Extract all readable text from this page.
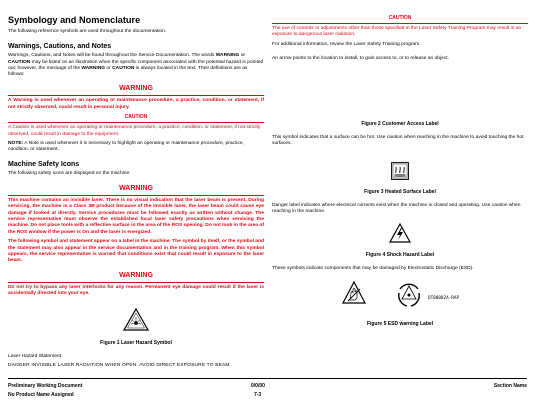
Symbology and Nomenclature

The following reference symbols are used throughout the documentation.

Warnings, Cautions, and Notes

Warnings, Cautions, and Notes will be found throughout the Service Documentation. The words WARNING or CAUTION may be listed on an illustration when the specific component associated with the potential hazard is pointed out; however, the message of the WARNING or CAUTION is always located in the text. Their definitions are as follows:

WARNING
A Warning is used whenever an operating or maintenance procedure, a practice, condition, or statement, if not strictly observed, could result in personal injury.
CAUTION
A Caution is used whenever an operating or maintenance procedure, a practice, condition, or statement, if not strictly observed, could result in damage to the equipment.

NOTE: A Note is used whenever it is necessary to highlight an operating or maintenance procedure, practice, condition, or statement.

Machine Safety Icons

The following safety icons are displayed on the machine:

WARNING
This machine contains an invisible laser. There is no visual indication that the laser beam is present. During servicing, the machine is a Class 3B product because of the invisible laser, the laser beam could cause eye damage if looked at directly. Service procedures must be followed exactly as written without change. The service representative must observe the established local laser safety precautions when servicing the machine. Do not place tools with a reflective surface in the area of the ROS opening. Do not look in the area of the ROS window if the power is On and the laser is energized.
The following symbol and statement appear on a label in the machine. The symbol by itself, or the symbol and the statement may also appear in the service documentation and in the training program. When this symbol appears, the service representative is warned that conditions exist that could result in exposure to the laser beam.
WARNING
Do not try to bypass any laser interlocks for any reason. Permanent eye damage could result if the laser is accidentally directed into your eye.
Figure 1 Laser Hazard Symbol

Laser Hazard Statement

DANGER INVISIBLE LASER RADIATION WHEN OPEN. AVOID DIRECT EXPOSURE TO BEAM.

CAUTION
The use of controls or adjustments other than those specified in the Laser Safety Training Program may result in an exposure to dangerous laser radiation.

For additional information, review the Laser Safety Training program.

An arrow points to the location to install, to gain access to, or to release an object.

Figure 2 Customer Access Label

This symbol indicates that a surface can be hot. Use caution when reaching in the machine to avoid touching the hot surfaces.

Figure 3 Heated Surface Label

Danger label indicates where electrical currents exist when the machine is closed and operating. Use caution when reaching in the machine.

Figure 4 Shock Hazard Label

These symbols indicate components that may be damaged by Electrostatic Discharge (ESD).

DT00002A-RAP
Figure 5 ESD warning Label
Preliminary Working Document
No Product Name Assigned
0/0/00
7-3
Section Name
